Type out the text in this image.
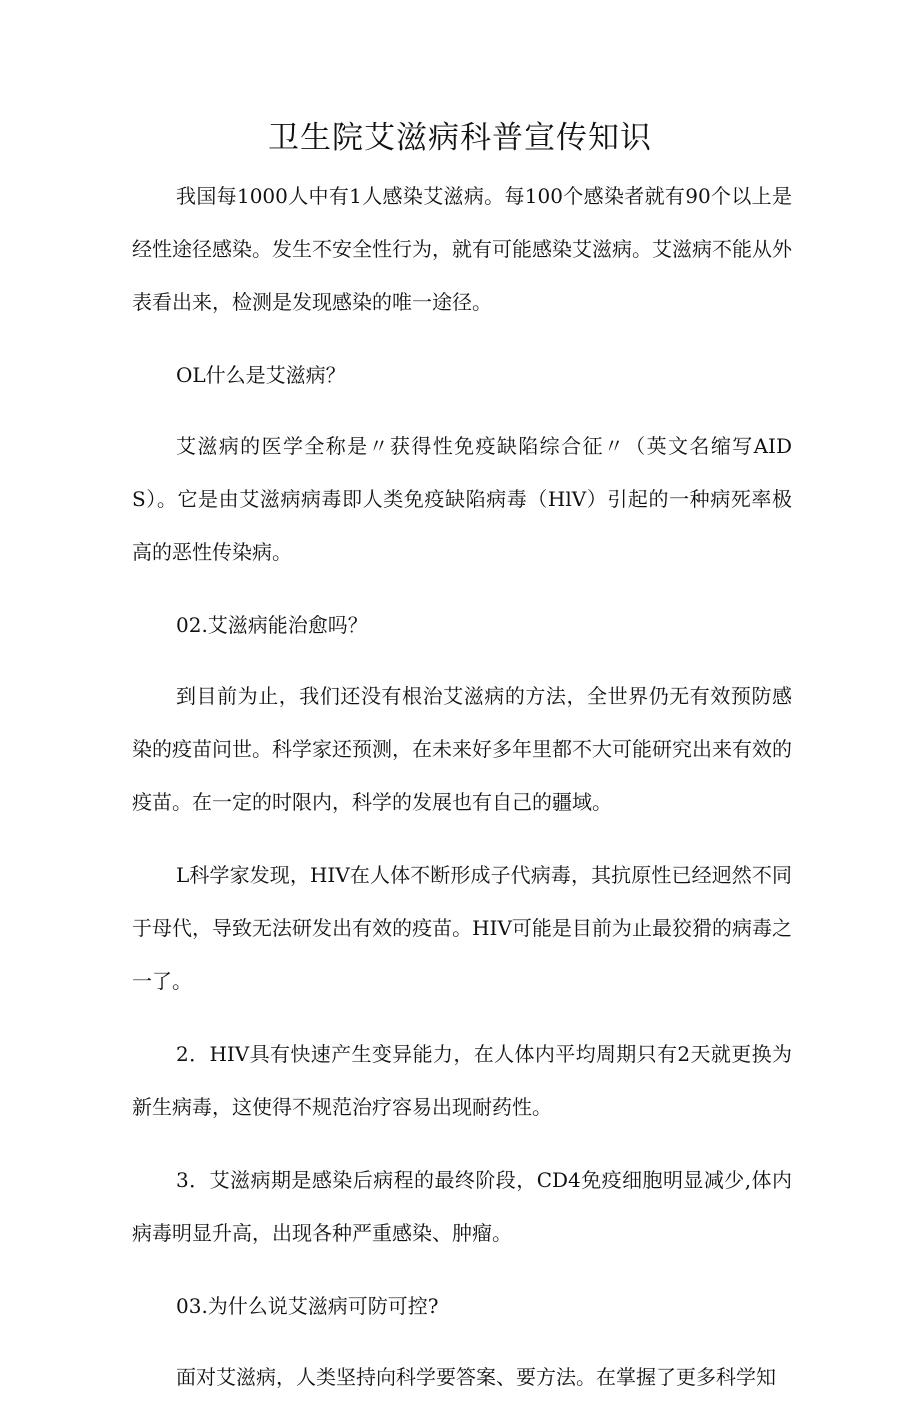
卫生院艾滋病科普宣传知识

我国每1000人中有1人感染艾滋病。每100个感染者就有90个以上是经性途径感染。发生不安全性行为，就有可能感染艾滋病。艾滋病不能从外表看出来，检测是发现感染的唯一途径。

OL什么是艾滋病？

艾滋病的医学全称是〃获得性免疫缺陷综合征〃（英文名缩写AIDS）。它是由艾滋病病毒即人类免疫缺陷病毒（HlV）引起的一种病死率极高的恶性传染病。

02.艾滋病能治愈吗？

到目前为止，我们还没有根治艾滋病的方法，全世界仍无有效预防感染的疫苗问世。科学家还预测，在未来好多年里都不大可能研究出来有效的疫苗。在一定的时限内，科学的发展也有自己的疆域。

L科学家发现，HIV在人体不断形成子代病毒，其抗原性已经迥然不同于母代，导致无法研发出有效的疫苗。HIV可能是目前为止最狡猾的病毒之一了。

2．HIV具有快速产生变异能力，在人体内平均周期只有2天就更换为新生病毒，这使得不规范治疗容易出现耐药性。

3．艾滋病期是感染后病程的最终阶段，CD4免疫细胞明显减少,体内病毒明显升高，出现各种严重感染、肿瘤。

03.为什么说艾滋病可防可控?

面对艾滋病，人类坚持向科学要答案、要方法。在掌握了更多科学知
